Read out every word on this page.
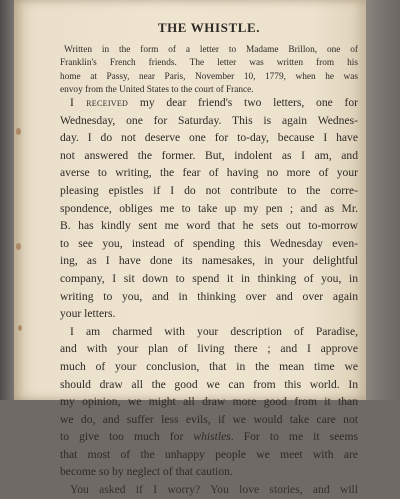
THE WHISTLE.
Written in the form of a letter to Madame Brillon, one of
Franklin's French friends. The letter was written from his
home at Passy, near Paris, November 10, 1779, when he was
envoy from the United States to the court of France.
I received my dear friend's two letters, one for
Wednesday, one for Saturday. This is again Wednes-
day. I do not deserve one for to-day, because I have
not answered the former. But, indolent as I am, and
averse to writing, the fear of having no more of your
pleasing epistles if I do not contribute to the corre-
spondence, obliges me to take up my pen ; and as Mr.
B. has kindly sent me word that he sets out to-morrow
to see you, instead of spending this Wednesday even-
ing, as I have done its namesakes, in your delightful
company, I sit down to spend it in thinking of you, in
writing to you, and in thinking over and over again
your letters.
I am charmed with your description of Paradise,
and with your plan of living there ; and I approve
much of your conclusion, that in the mean time we
should draw all the good we can from this world. In
my opinion, we might all draw more good from it than
we do, and suffer less evils, if we would take care not
to give too much for whistles. For to me it seems
that most of the unhappy people we meet with are
become so by neglect of that caution.
You asked if I worry? You love stories, and will
